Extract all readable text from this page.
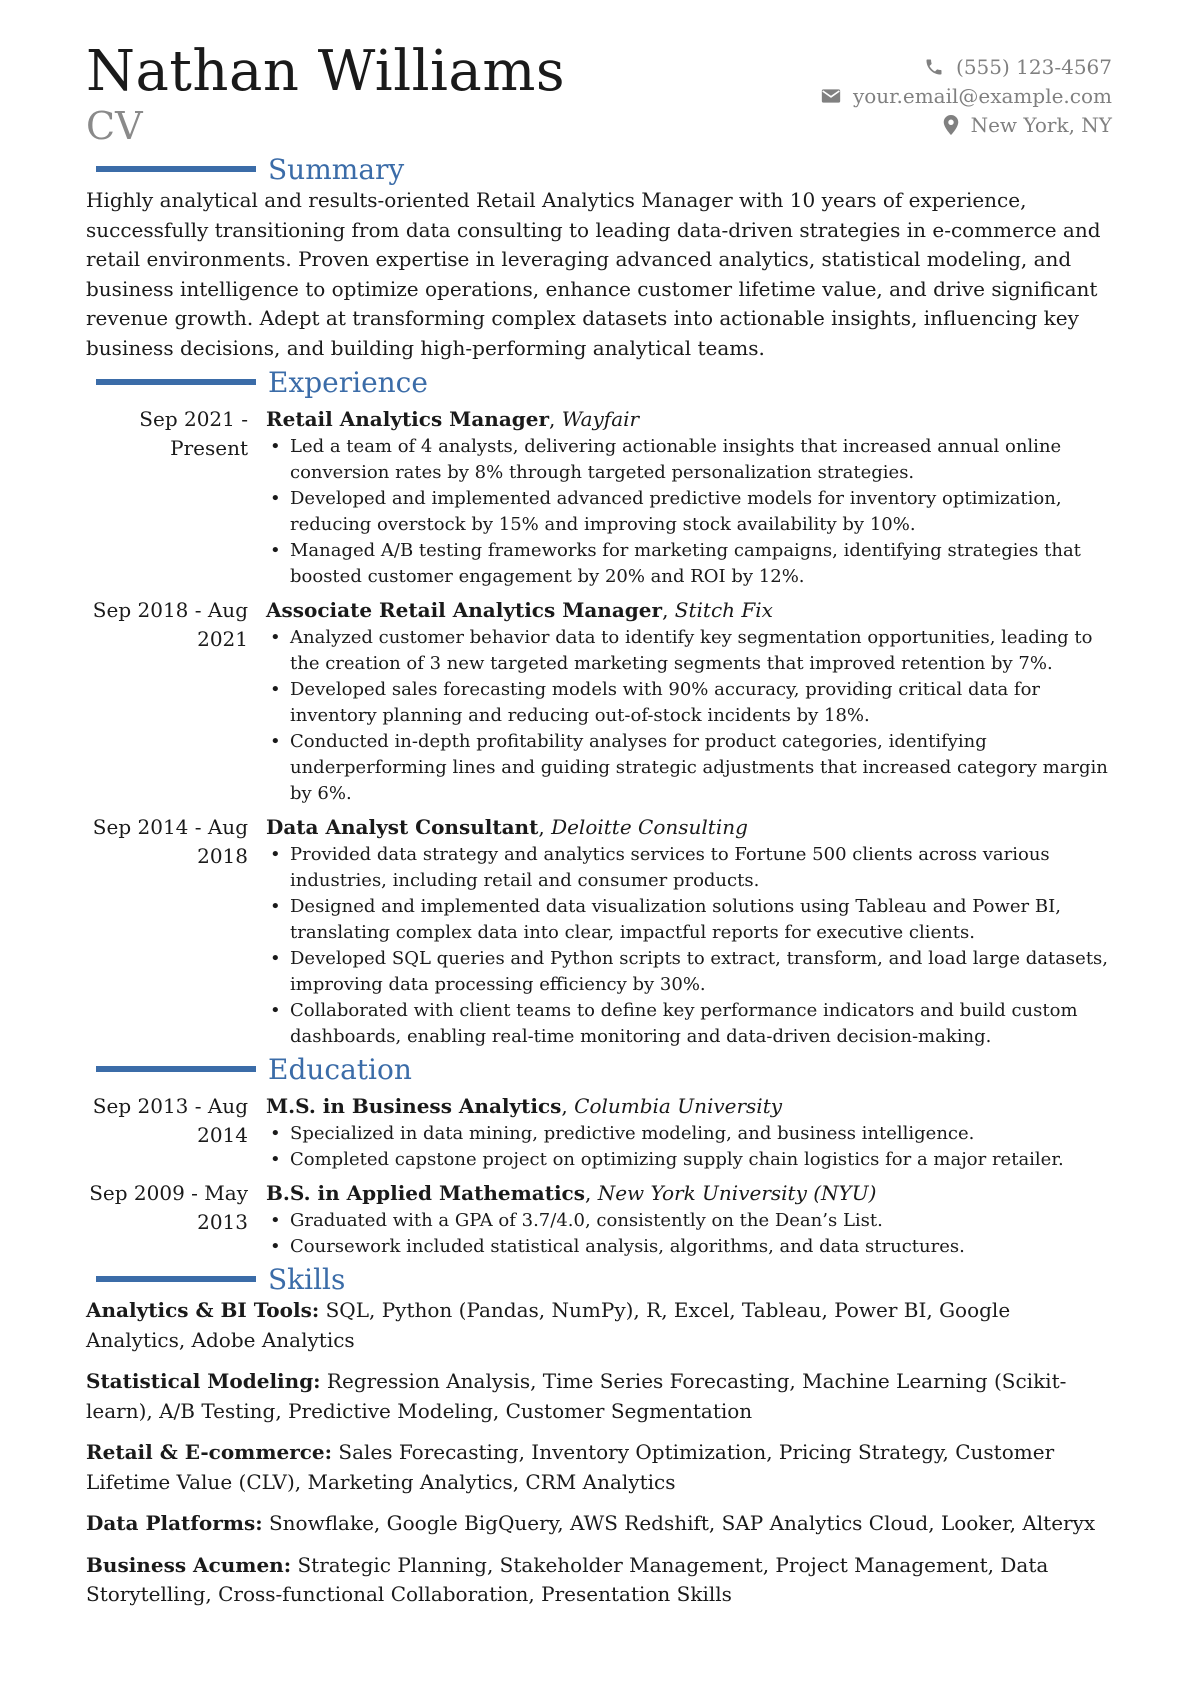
Nathan Williams
CV
(555) 123-4567
your.email@example.com
New York, NY
Summary

Highly analytical and results-oriented Retail Analytics Manager with 10 years of experience, successfully transitioning from data consulting to leading data-driven strategies in e-commerce and retail environments. Proven expertise in leveraging advanced analytics, statistical modeling, and business intelligence to optimize operations, enhance customer lifetime value, and drive significant revenue growth. Adept at transforming complex datasets into actionable insights, influencing key business decisions, and building high-performing analytical teams.

Experience
Sep 2021 - Present
Retail Analytics Manager, Wayfair
• Led a team of 4 analysts, delivering actionable insights that increased annual online conversion rates by 8% through targeted personalization strategies.
• Developed and implemented advanced predictive models for inventory optimization, reducing overstock by 15% and improving stock availability by 10%.
• Managed A/B testing frameworks for marketing campaigns, identifying strategies that boosted customer engagement by 20% and ROI by 12%.
Sep 2018 - Aug 2021
Associate Retail Analytics Manager, Stitch Fix
• Analyzed customer behavior data to identify key segmentation opportunities, leading to the creation of 3 new targeted marketing segments that improved retention by 7%.
• Developed sales forecasting models with 90% accuracy, providing critical data for inventory planning and reducing out-of-stock incidents by 18%.
• Conducted in-depth profitability analyses for product categories, identifying underperforming lines and guiding strategic adjustments that increased category margin by 6%.
Sep 2014 - Aug 2018
Data Analyst Consultant, Deloitte Consulting
• Provided data strategy and analytics services to Fortune 500 clients across various industries, including retail and consumer products.
• Designed and implemented data visualization solutions using Tableau and Power BI, translating complex data into clear, impactful reports for executive clients.
• Developed SQL queries and Python scripts to extract, transform, and load large datasets, improving data processing efficiency by 30%.
• Collaborated with client teams to define key performance indicators and build custom dashboards, enabling real-time monitoring and data-driven decision-making.
Education
Sep 2013 - Aug 2014
M.S. in Business Analytics, Columbia University
• Specialized in data mining, predictive modeling, and business intelligence.
• Completed capstone project on optimizing supply chain logistics for a major retailer.
Sep 2009 - May 2013
B.S. in Applied Mathematics, New York University (NYU)
• Graduated with a GPA of 3.7/4.0, consistently on the Dean’s List.
• Coursework included statistical analysis, algorithms, and data structures.
Skills

Analytics & BI Tools: SQL, Python (Pandas, NumPy), R, Excel, Tableau, Power BI, Google Analytics, Adobe Analytics

Statistical Modeling: Regression Analysis, Time Series Forecasting, Machine Learning (Scikit-learn), A/B Testing, Predictive Modeling, Customer Segmentation

Retail & E-commerce: Sales Forecasting, Inventory Optimization, Pricing Strategy, Customer Lifetime Value (CLV), Marketing Analytics, CRM Analytics

Data Platforms: Snowflake, Google BigQuery, AWS Redshift, SAP Analytics Cloud, Looker, Alteryx

Business Acumen: Strategic Planning, Stakeholder Management, Project Management, Data Storytelling, Cross-functional Collaboration, Presentation Skills
